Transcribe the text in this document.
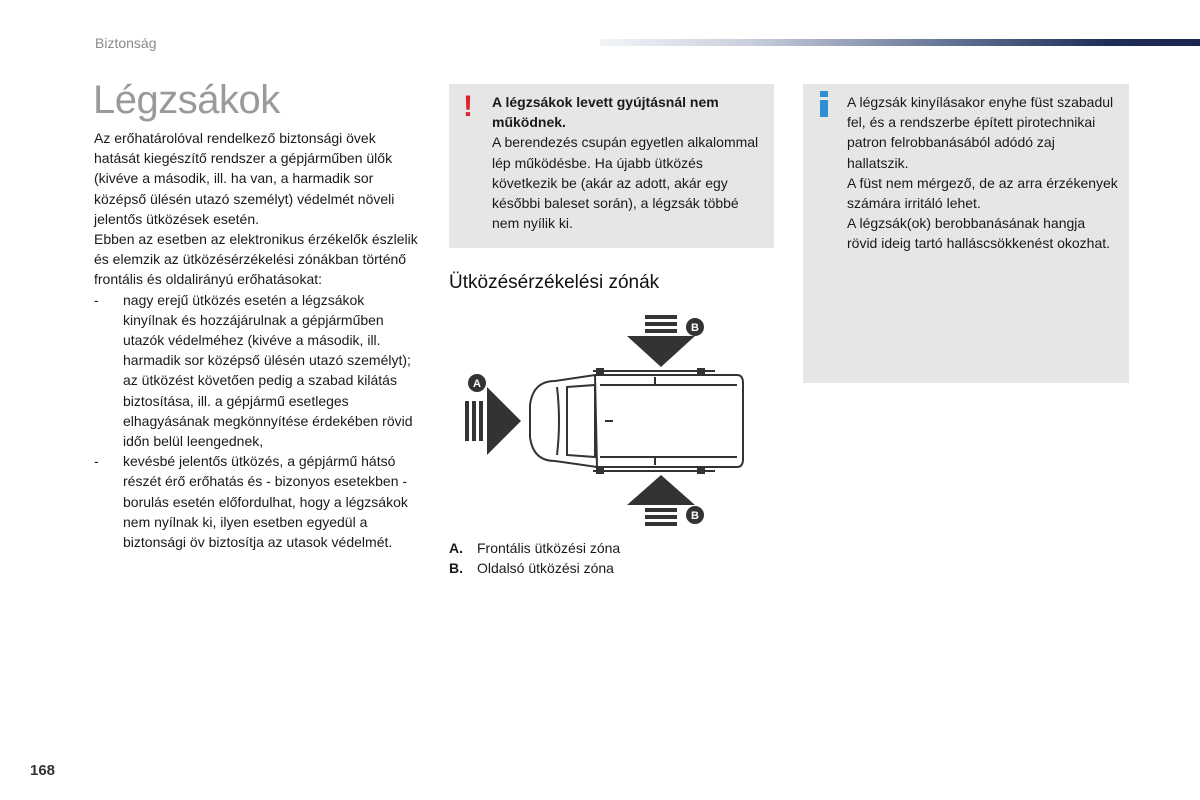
Biztonság
Légzsákok

Az erőhatárolóval rendelkező biztonsági övek hatását kiegészítő rendszer a gépjárműben ülők (kivéve a második, ill. ha van, a harmadik sor középső ülésén utazó személyt) védelmét növeli jelentős ütközések esetén.

Ebben az esetben az elektronikus érzékelők észlelik és elemzik az ütközésérzékelési zónákban történő frontális és oldalirányú erőhatásokat:

- nagy erejű ütközés esetén a légzsákok kinyílnak és hozzájárulnak a gépjárműben utazók védelméhez (kivéve a második, ill. harmadik sor középső ülésén utazó személyt); az ütközést követően pedig a szabad kilátás biztosítása, ill. a gépjármű esetleges elhagyásának megkönnyítése érdekében rövid időn belül leengednek,
- kevésbé jelentős ütközés, a gépjármű hátsó részét érő erőhatás és - bizonyos esetekben - borulás esetén előfordulhat, hogy a légzsákok nem nyílnak ki, ilyen esetben egyedül a biztonsági öv biztosítja az utasok védelmét.
! A légzsákok levett gyújtásnál nem működnek.
A berendezés csupán egyetlen alkalommal lép működésbe. Ha újabb ütközés következik be (akár az adott, akár egy későbbi baleset során), a légzsák többé nem nyílik ki.
A légzsák kinyílásakor enyhe füst szabadul fel, és a rendszerbe épített pirotechnikai patron felrobbanásából adódó zaj hallatszik.
A füst nem mérgező, de az arra érzékenyek számára irritáló lehet.
A légzsák(ok) berobbanásának hangja rövid ideig tartó halláscsökkenést okozhat.
Ütközésérzékelési zónák
B
A
B
A. Frontális ütközési zóna
B. Oldalsó ütközési zóna
168
